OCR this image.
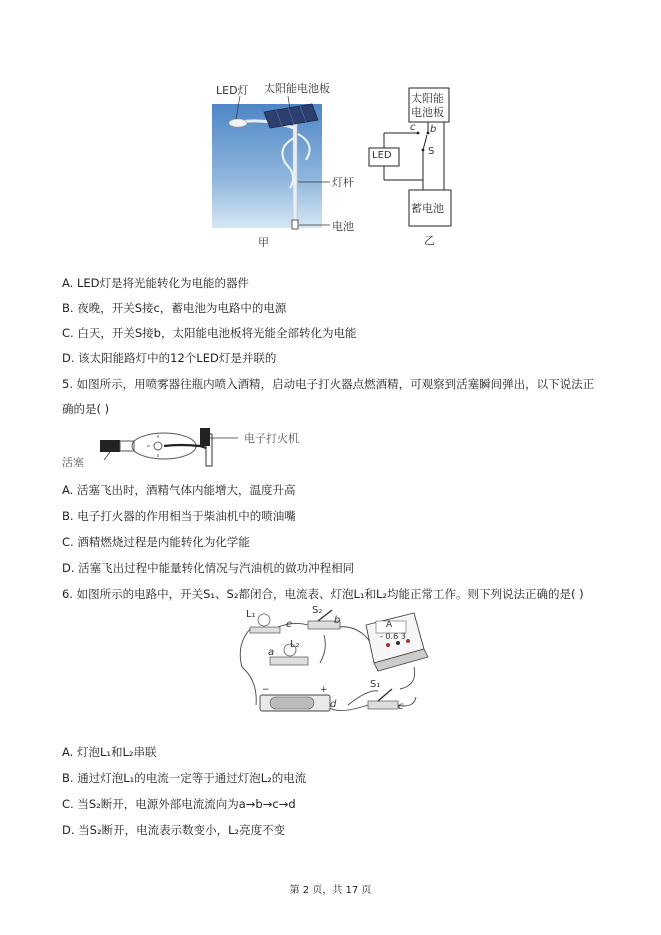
LED灯 太阳能电池板
灯杆
电池
甲
太阳能
电池板
LED
蓄电池
c b
S
乙
A. LED灯是将光能转化为电能的器件
B. 夜晚，开关S接c，蓄电池为电路中的电源
C. 白天，开关S接b，太阳能电池板将光能全部转化为电能
D. 该太阳能路灯中的12个LED灯是并联的
5. 如图所示，用喷雾器往瓶内喷入酒精，启动电子打火器点燃酒精，可观察到活塞瞬间弹出，以下说法正
确的是( )
活塞
电子打火机
A. 活塞飞出时，酒精气体内能增大，温度升高
B. 电子打火器的作用相当于柴油机中的喷油嘴
C. 酒精燃烧过程是内能转化为化学能
D. 活塞飞出过程中能量转化情况与汽油机的做功冲程相同
6. 如图所示的电路中，开关S₁、S₂都闭合，电流表、灯泡L₁和L₂均能正常工作。则下列说法正确的是( )
L₁
e
S₂
b
a
L₂
A
- 0.6 3
−	+
d
S₁
c
A. 灯泡L₁和L₂串联
B. 通过灯泡L₁的电流一定等于通过灯泡L₂的电流
C. 当S₂断开，电源外部电流流向为a→b→c→d
D. 当S₂断开，电流表示数变小，L₂亮度不变
第 2 页，共 17 页
